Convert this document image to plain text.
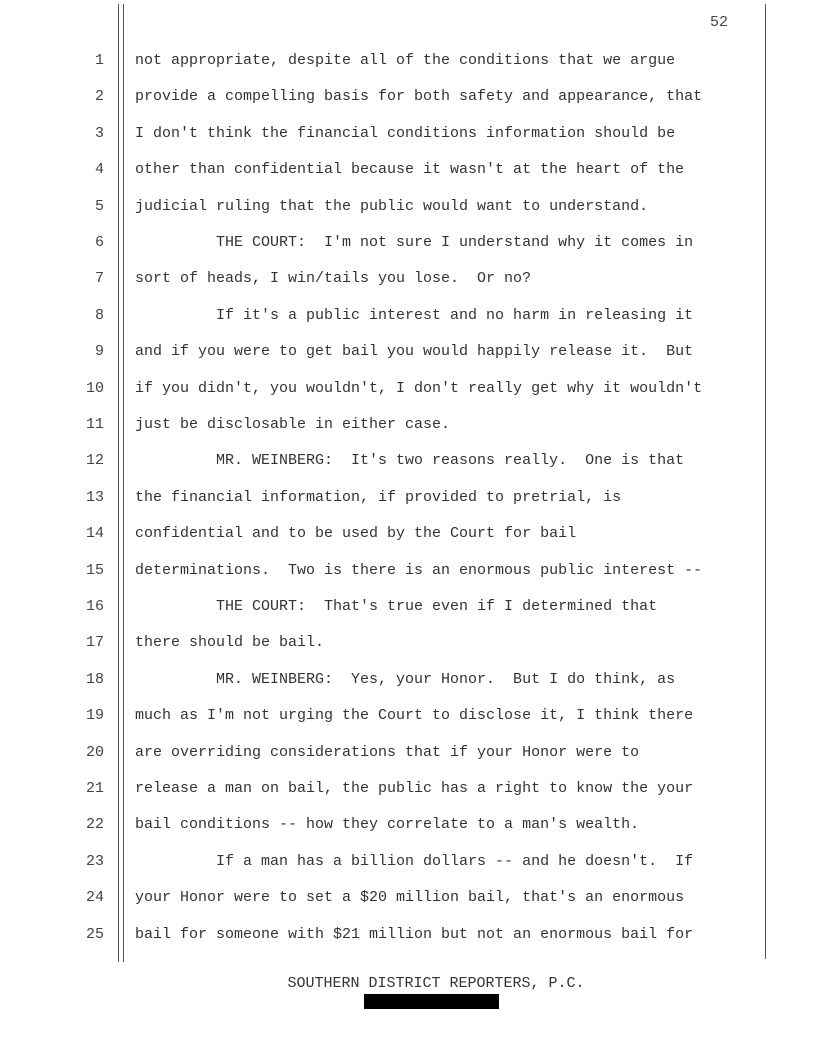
52
1 not appropriate, despite all of the conditions that we argue
2 provide a compelling basis for both safety and appearance, that
3 I don't think the financial conditions information should be
4 other than confidential because it wasn't at the heart of the
5 judicial ruling that the public would want to understand.
6 THE COURT:  I'm not sure I understand why it comes in
7 sort of heads, I win/tails you lose.  Or no?
8 If it's a public interest and no harm in releasing it
9 and if you were to get bail you would happily release it.  But
10 if you didn't, you wouldn't, I don't really get why it wouldn't
11 just be disclosable in either case.
12 MR. WEINBERG:  It's two reasons really.  One is that
13 the financial information, if provided to pretrial, is
14 confidential and to be used by the Court for bail
15 determinations.  Two is there is an enormous public interest --
16 THE COURT:  That's true even if I determined that
17 there should be bail.
18 MR. WEINBERG:  Yes, your Honor.  But I do think, as
19 much as I'm not urging the Court to disclose it, I think there
20 are overriding considerations that if your Honor were to
21 release a man on bail, the public has a right to know the your
22 bail conditions -- how they correlate to a man's wealth.
23 If a man has a billion dollars -- and he doesn't.  If
24 your Honor were to set a $20 million bail, that's an enormous
25 bail for someone with $21 million but not an enormous bail for
SOUTHERN DISTRICT REPORTERS, P.C.
